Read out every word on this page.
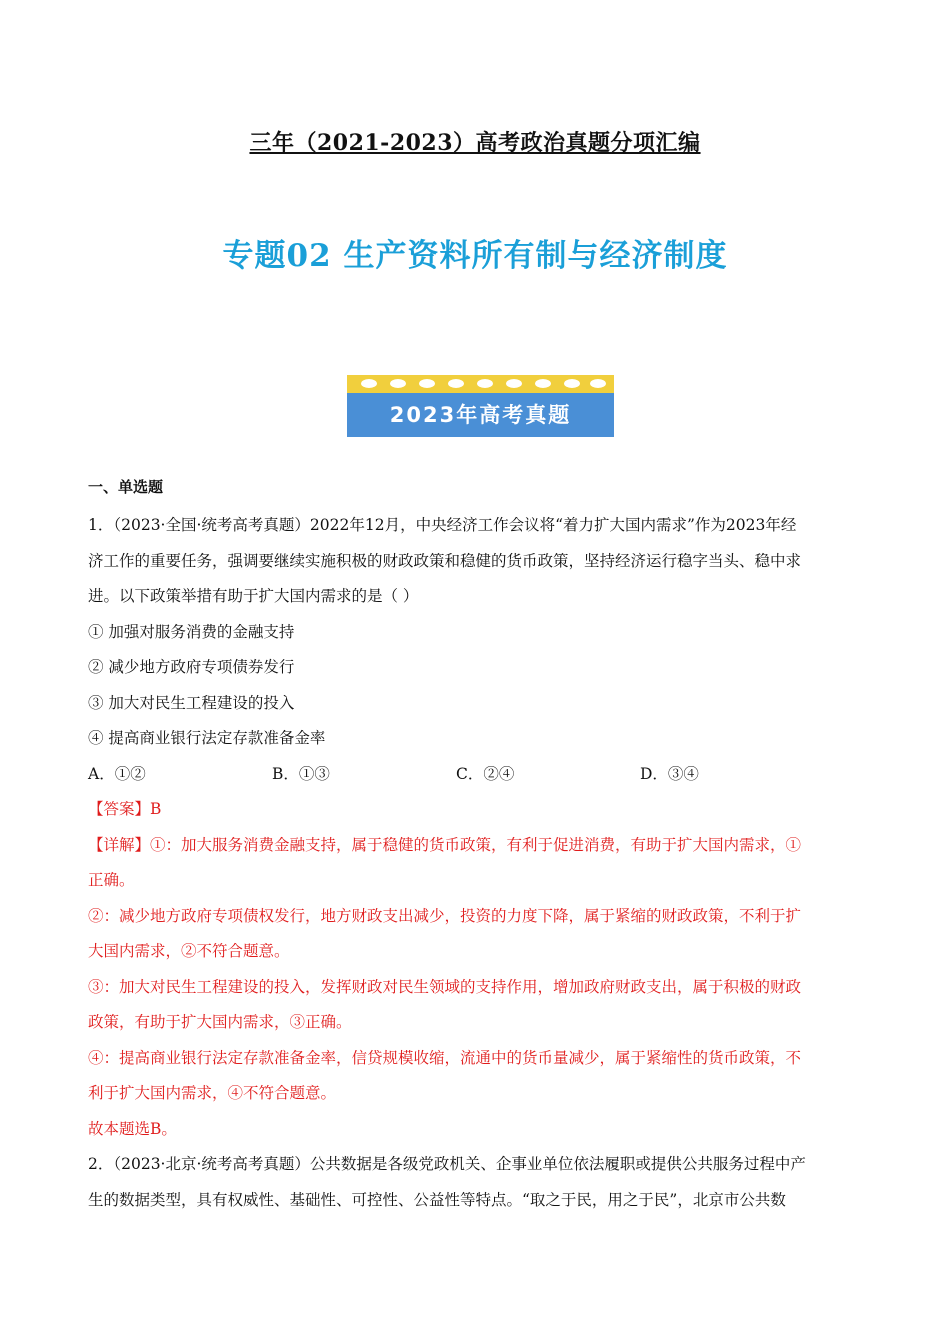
三年（2021-2023）高考政治真题分项汇编
专题02 生产资料所有制与经济制度
2023年高考真题

一、单选题

1．（2023·全国·统考高考真题）2022年12月，中央经济工作会议将“着力扩大国内需求”作为2023年经

济工作的重要任务，强调要继续实施积极的财政政策和稳健的货币政策，坚持经济运行稳字当头、稳中求

进。以下政策举措有助于扩大国内需求的是（ ）

① 加强对服务消费的金融支持

② 减少地方政府专项债券发行

③ 加大对民生工程建设的投入

④ 提高商业银行法定存款准备金率

A．①②	B．①③	C．②④	D．③④

【答案】B

【详解】①：加大服务消费金融支持，属于稳健的货币政策，有利于促进消费，有助于扩大国内需求，①

正确。

②：减少地方政府专项债权发行，地方财政支出减少，投资的力度下降，属于紧缩的财政政策，不利于扩

大国内需求，②不符合题意。

③：加大对民生工程建设的投入，发挥财政对民生领域的支持作用，增加政府财政支出，属于积极的财政

政策，有助于扩大国内需求，③正确。

④：提高商业银行法定存款准备金率，信贷规模收缩，流通中的货币量减少，属于紧缩性的货币政策，不

利于扩大国内需求，④不符合题意。

故本题选B。

2．（2023·北京·统考高考真题）公共数据是各级党政机关、企事业单位依法履职或提供公共服务过程中产

生的数据类型，具有权威性、基础性、可控性、公益性等特点。“取之于民，用之于民”，北京市公共数
